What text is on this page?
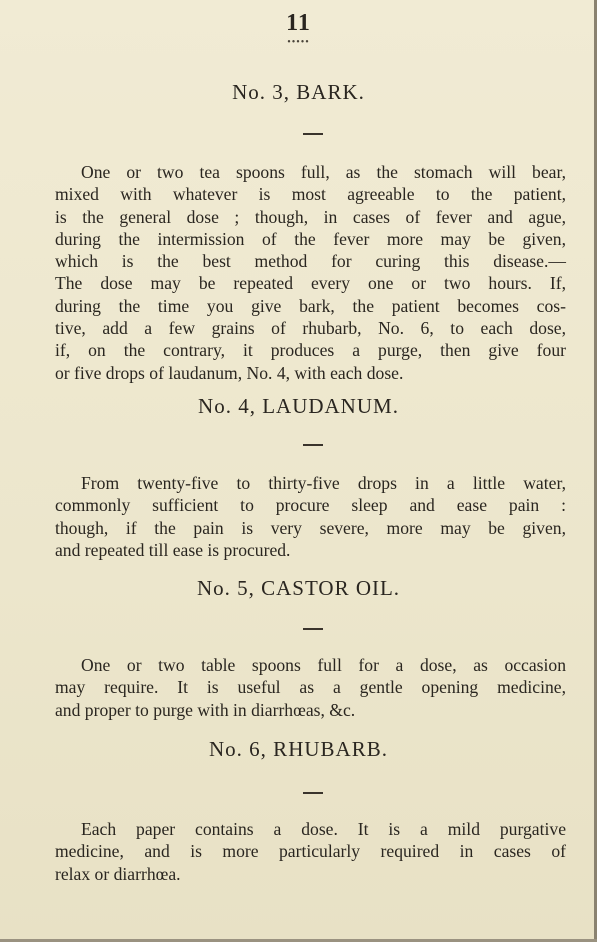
11
•••••
No. 3, BARK.
One or two tea spoons full, as the stomach will bear,
mixed with whatever is most agreeable to the patient,
is the general dose ; though, in cases of fever and ague,
during the intermission of the fever more may be given,
which is the best method for curing this disease.—
The dose may be repeated every one or two hours. If,
during the time you give bark, the patient becomes cos-
tive, add a few grains of rhubarb, No. 6, to each dose,
if, on the contrary, it produces a purge, then give four
or five drops of laudanum, No. 4, with each dose.
No. 4, LAUDANUM.
From twenty-five to thirty-five drops in a little water,
commonly sufficient to procure sleep and ease pain :
though, if the pain is very severe, more may be given,
and repeated till ease is procured.
No. 5, CASTOR OIL.
One or two table spoons full for a dose, as occasion
may require. It is useful as a gentle opening medicine,
and proper to purge with in diarrhœas, &c.
No. 6, RHUBARB.
Each paper contains a dose. It is a mild purgative
medicine, and is more particularly required in cases of
relax or diarrhœa.
